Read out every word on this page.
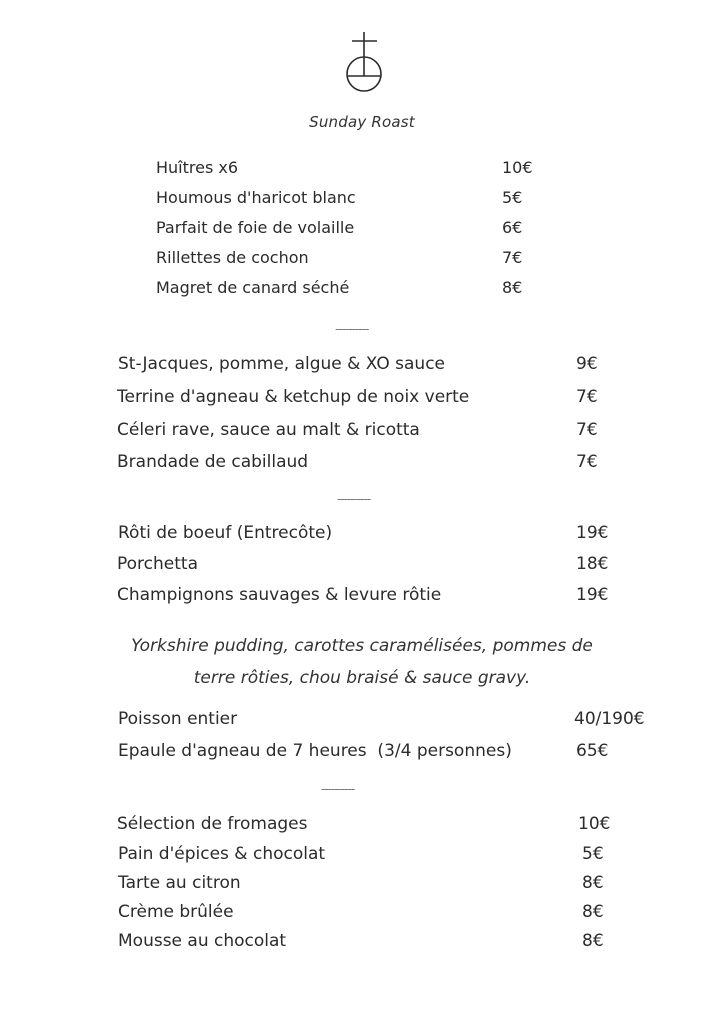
Sunday Roast
Huîtres x6	10€
Houmous d'haricot blanc	5€
Parfait de foie de volaille	6€
Rillettes de cochon	7€
Magret de canard séché	8€
----------
St-Jacques, pomme, algue & XO sauce	9€
Terrine d'agneau & ketchup de noix verte	7€
Céleri rave, sauce au malt & ricotta	7€
Brandade de cabillaud	7€
----------
Rôti de boeuf (Entrecôte)	19€
Porchetta	18€
Champignons sauvages & levure rôtie	19€
Yorkshire pudding, carottes caramélisées, pommes de
terre rôties, chou braisé & sauce gravy.
Poisson entier	40/190€
Epaule d'agneau de 7 heures  (3/4 personnes)	65€
----------
Sélection de fromages	10€
Pain d'épices & chocolat	5€
Tarte au citron	8€
Crème brûlée	8€
Mousse au chocolat	8€
